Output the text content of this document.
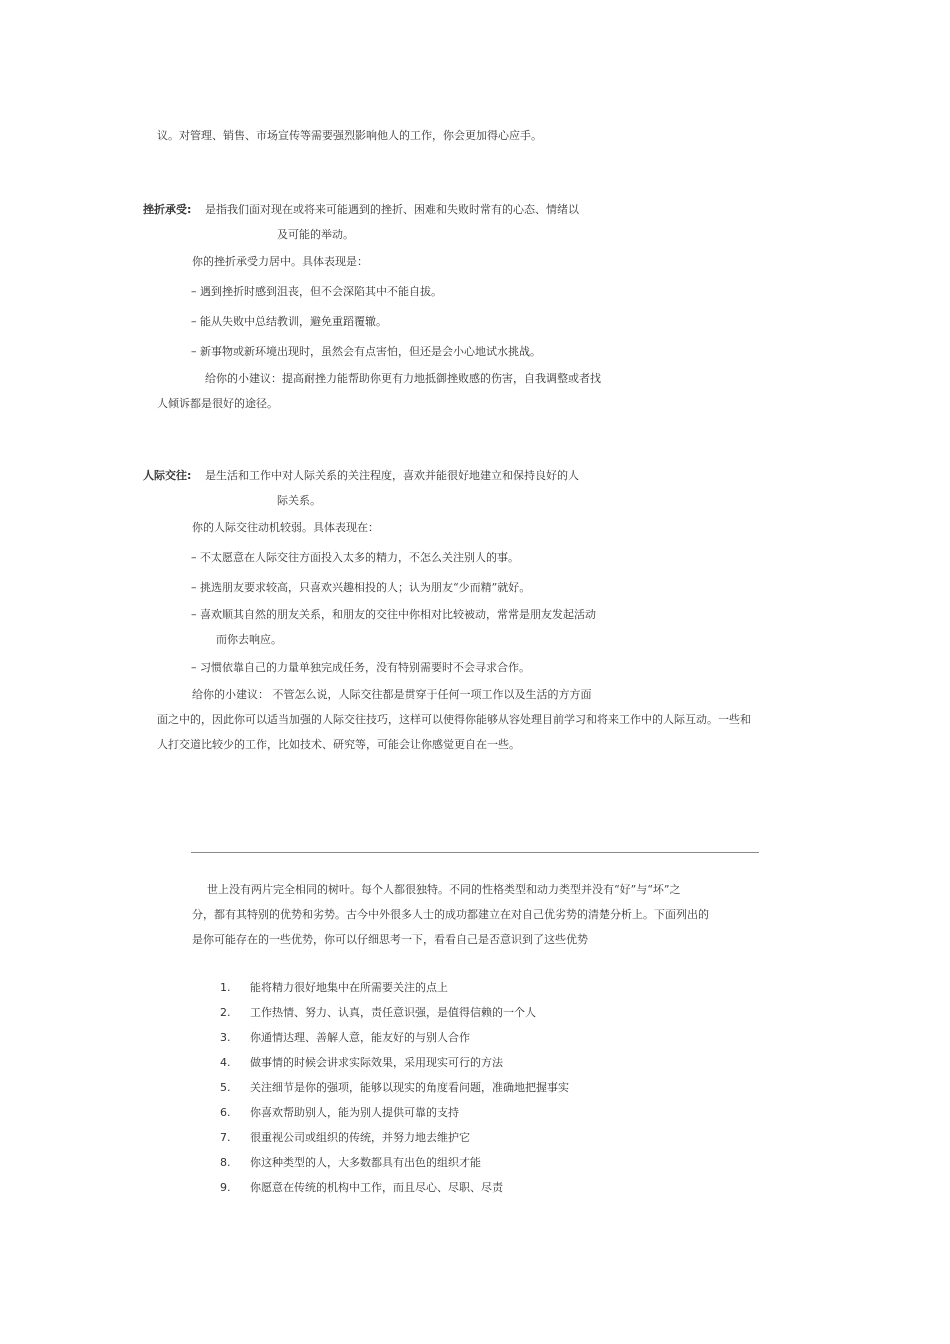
议。对管理、销售、市场宣传等需要强烈影响他人的工作，你会更加得心应手。
挫折承受: 是指我们面对现在或将来可能遇到的挫折、困难和失败时常有的心态、情绪以
及可能的举动。
你的挫折承受力居中。具体表现是：
– 遇到挫折时感到沮丧，但不会深陷其中不能自拔。
– 能从失败中总结教训，避免重蹈覆辙。
– 新事物或新环境出现时，虽然会有点害怕，但还是会小心地试水挑战。
给你的小建议：提高耐挫力能帮助你更有力地抵御挫败感的伤害，自我调整或者找
人倾诉都是很好的途径。
人际交往: 是生活和工作中对人际关系的关注程度，喜欢并能很好地建立和保持良好的人
际关系。
你的人际交往动机较弱。具体表现在：
– 不太愿意在人际交往方面投入太多的精力，不怎么关注别人的事。
– 挑选朋友要求较高，只喜欢兴趣相投的人；认为朋友“少而精”就好。
– 喜欢顺其自然的朋友关系，和朋友的交往中你相对比较被动，常常是朋友发起活动
而你去响应。
– 习惯依靠自己的力量单独完成任务，没有特别需要时不会寻求合作。
给你的小建议： 不管怎么说，人际交往都是贯穿于任何一项工作以及生活的方方面
面之中的，因此你可以适当加强的人际交往技巧，这样可以使得你能够从容处理目前学习和将来工作中的人际互动。一些和
人打交道比较少的工作，比如技术、研究等，可能会让你感觉更自在一些。
世上没有两片完全相同的树叶。每个人都很独特。不同的性格类型和动力类型并没有“好”与“坏”之
分，都有其特别的优势和劣势。古今中外很多人士的成功都建立在对自己优劣势的清楚分析上。下面列出的
是你可能存在的一些优势，你可以仔细思考一下，看看自己是否意识到了这些优势
1. 能将精力很好地集中在所需要关注的点上
2. 工作热情、努力、认真，责任意识强，是值得信赖的一个人
3. 你通情达理、善解人意，能友好的与别人合作
4. 做事情的时候会讲求实际效果，采用现实可行的方法
5. 关注细节是你的强项，能够以现实的角度看问题，准确地把握事实
6. 你喜欢帮助别人，能为别人提供可靠的支持
7. 很重视公司或组织的传统，并努力地去维护它
8. 你这种类型的人，大多数都具有出色的组织才能
9. 你愿意在传统的机构中工作，而且尽心、尽职、尽责
